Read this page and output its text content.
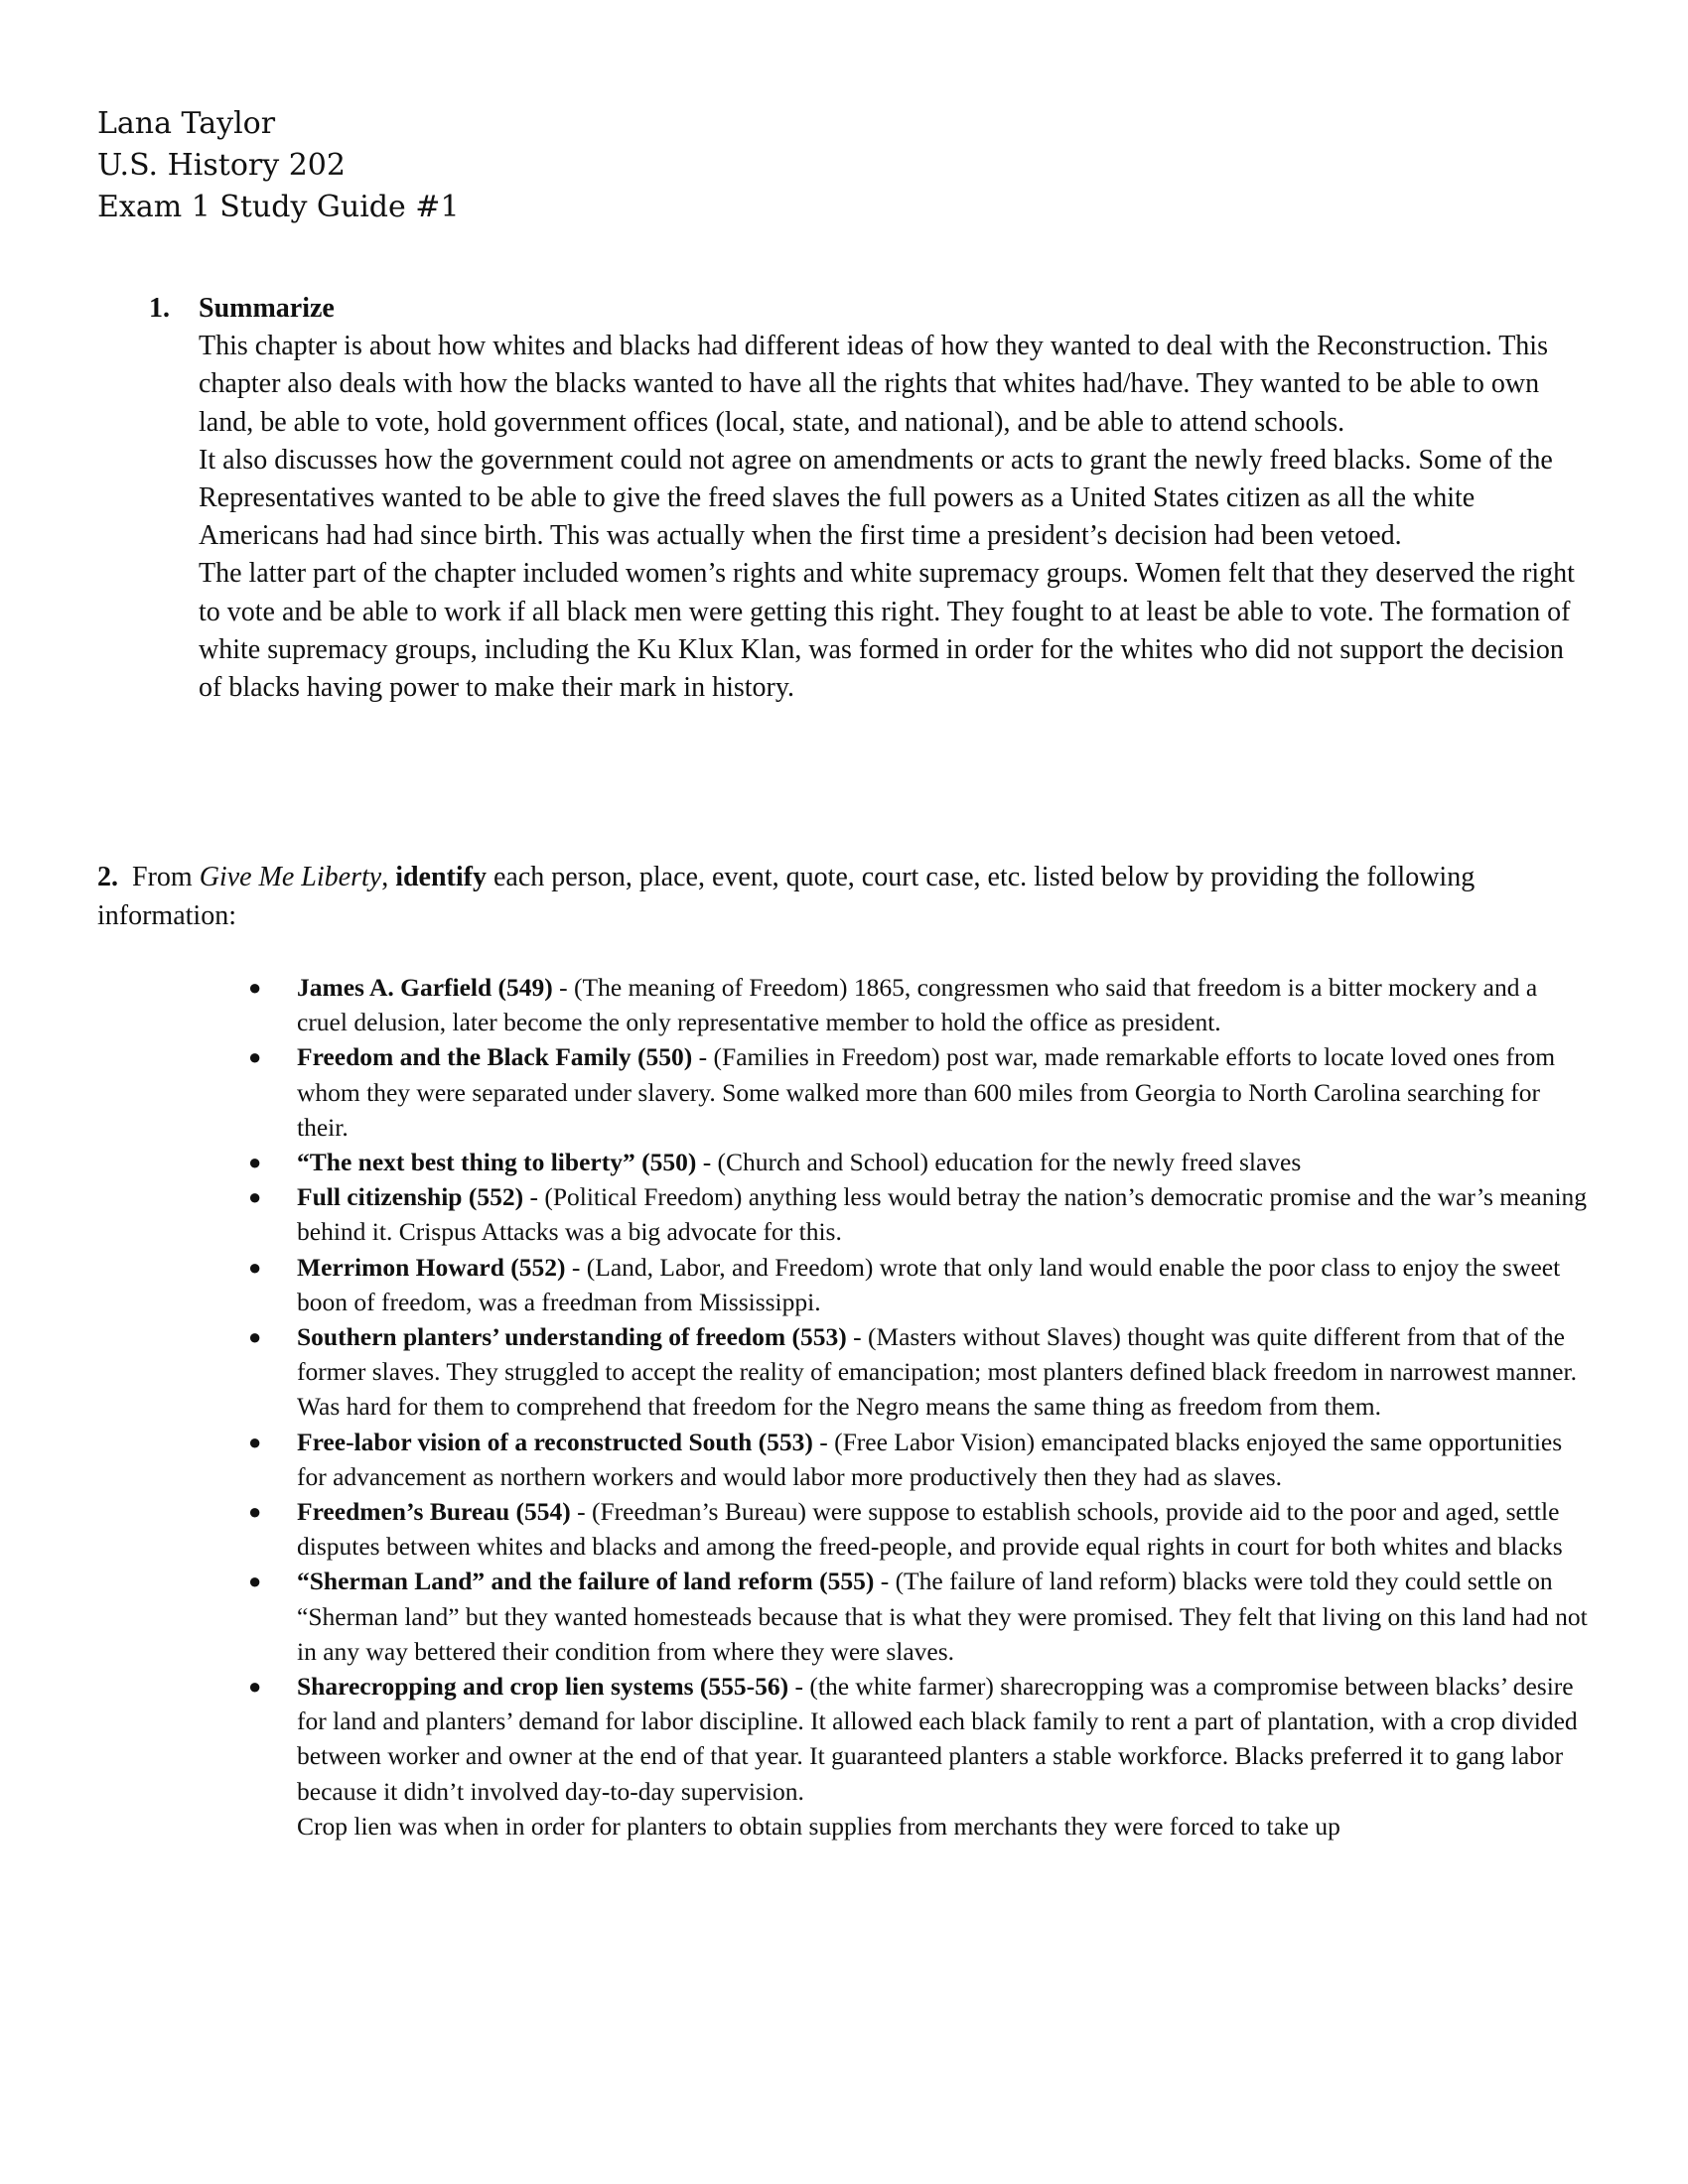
Lana Taylor
U.S. History 202
Exam 1 Study Guide #1
1. Summarize

This chapter is about how whites and blacks had different ideas of how they wanted to deal with the Reconstruction. This chapter also deals with how the blacks wanted to have all the rights that whites had/have. They wanted to be able to own land, be able to vote, hold government offices (local, state, and national), and be able to attend schools.

It also discusses how the government could not agree on amendments or acts to grant the newly freed blacks. Some of the Representatives wanted to be able to give the freed slaves the full powers as a United States citizen as all the white Americans had had since birth. This was actually when the first time a president’s decision had been vetoed.

The latter part of the chapter included women’s rights and white supremacy groups. Women felt that they deserved the right to vote and be able to work if all black men were getting this right. They fought to at least be able to vote. The formation of white supremacy groups, including the Ku Klux Klan, was formed in order for the whites who did not support the decision of blacks having power to make their mark in history.

2. From Give Me Liberty, identify each person, place, event, quote, court case, etc. listed below by providing the following information:

● James A. Garfield (549) - (The meaning of Freedom) 1865, congressmen who said that freedom is a bitter mockery and a cruel delusion, later become the only representative member to hold the office as president.
● Freedom and the Black Family (550) - (Families in Freedom) post war, made remarkable efforts to locate loved ones from whom they were separated under slavery. Some walked more than 600 miles from Georgia to North Carolina searching for their.
● “The next best thing to liberty” (550) - (Church and School) education for the newly freed slaves
● Full citizenship (552) - (Political Freedom) anything less would betray the nation’s democratic promise and the war’s meaning behind it. Crispus Attacks was a big advocate for this.
● Merrimon Howard (552) - (Land, Labor, and Freedom) wrote that only land would enable the poor class to enjoy the sweet boon of freedom, was a freedman from Mississippi.
● Southern planters’ understanding of freedom (553) - (Masters without Slaves) thought was quite different from that of the former slaves. They struggled to accept the reality of emancipation; most planters defined black freedom in narrowest manner. Was hard for them to comprehend that freedom for the Negro means the same thing as freedom from them.
● Free-labor vision of a reconstructed South (553) - (Free Labor Vision) emancipated blacks enjoyed the same opportunities for advancement as northern workers and would labor more productively then they had as slaves.
● Freedmen’s Bureau (554) - (Freedman’s Bureau) were suppose to establish schools, provide aid to the poor and aged, settle disputes between whites and blacks and among the freed-people, and provide equal rights in court for both whites and blacks
● “Sherman Land” and the failure of land reform (555) - (The failure of land reform) blacks were told they could settle on “Sherman land” but they wanted homesteads because that is what they were promised. They felt that living on this land had not in any way bettered their condition from where they were slaves.
● Sharecropping and crop lien systems (555-56) - (the white farmer) sharecropping was a compromise between blacks’ desire for land and planters’ demand for labor discipline. It allowed each black family to rent a part of plantation, with a crop divided between worker and owner at the end of that year. It guaranteed planters a stable workforce. Blacks preferred it to gang labor because it didn’t involved day-to-day supervision.
Crop lien was when in order for planters to obtain supplies from merchants they were forced to take up
